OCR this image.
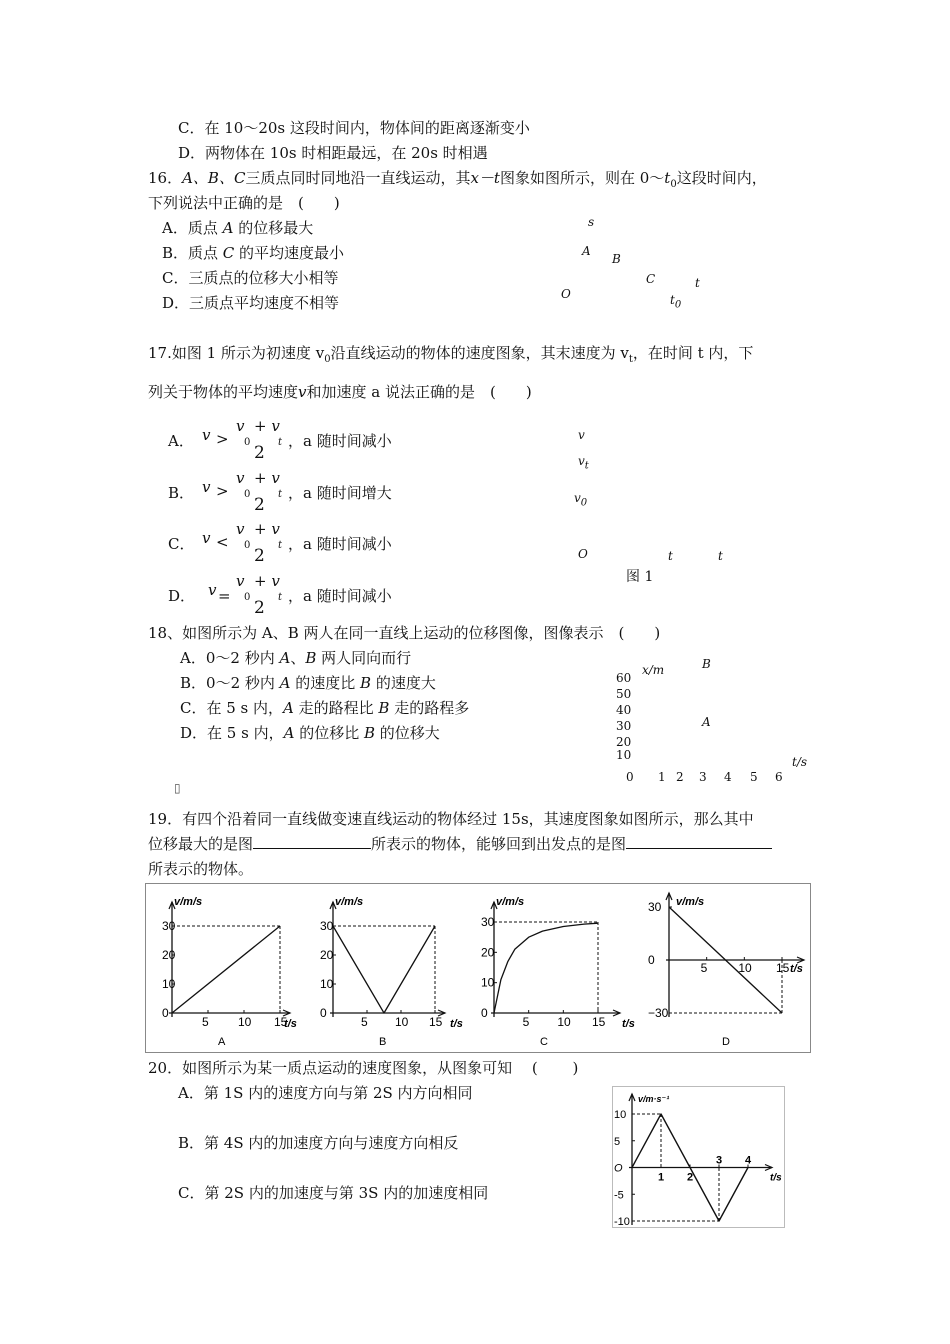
C．在 10～20s 这段时间内，物体间的距离逐渐变小
D．两物体在 10s 时相距最远，在 20s 时相遇
16．A、B、C三质点同时同地沿一直线运动，其x－t图象如图所示，则在 $0\sim t_0$这段时间内，
下列说法中正确的是　(　　)
A．质点 A 的位移最大
B．质点 C 的平均速度最小
C．三质点的位移大小相等
D．三质点平均速度不相等
s
A
B
C	t
O	$t_0$
17.如图 1 所示为初速度 $v_0$沿直线运动的物体的速度图象，其末速度为 $v_t$，在时间 t 内，下
列关于物体的平均速度v和加速度 a 说法正确的是　(　　)
A． v >
v
0
+ v
t
2
，a 随时间减小
B． v >
v
0
+ v
t
2
，a 随时间增大
C． v <
v
0
+ v
t
2
，a 随时间减小
D． v =
v
0
+ v
t
2
，a 随时间减小
v
$v_t$
$v_0$
O	t	t
图 1
18、如图所示为 A、B 两人在同一直线上运动的位移图像，图像表示　(　　)
A．0～2 秒内 A、B 两人同向而行
B．0～2 秒内 A 的速度比 B 的速度大
C．在 5 s 内，A 走的路程比 B 走的路程多
D．在 5 s 内，A 的位移比 B 的位移大
▯
x/m	B
A
t/s
60
50
40
30
20
10
0 1 2 3 4 5 6
19．有四个沿着同一直线做变速直线运动的物体经过 15s，其速度图象如图所示，那么其中
位移最大的是图	所表示的物体，能够回到出发点的是图
所表示的物体。
v/m/s
t/s
A
5 10 15
0
10
20
30
v/m/s
t/s
B
5 10 15
0
10
20
30
v/m/s
t/s
C
5 10 15
0
10
20
30
v/m/s
t/s
D
5	10 15
30
0
−30
v/m·s⁻¹
t/s
10
5
O
-5
-10
1 2
3 4
20．如图所示为某一质点运动的速度图象，从图象可知　 (　　 )
A．第 1S 内的速度方向与第 2S 内方向相同
B．第 4S 内的加速度方向与速度方向相反
C．第 2S 内的加速度与第 3S 内的加速度相同
